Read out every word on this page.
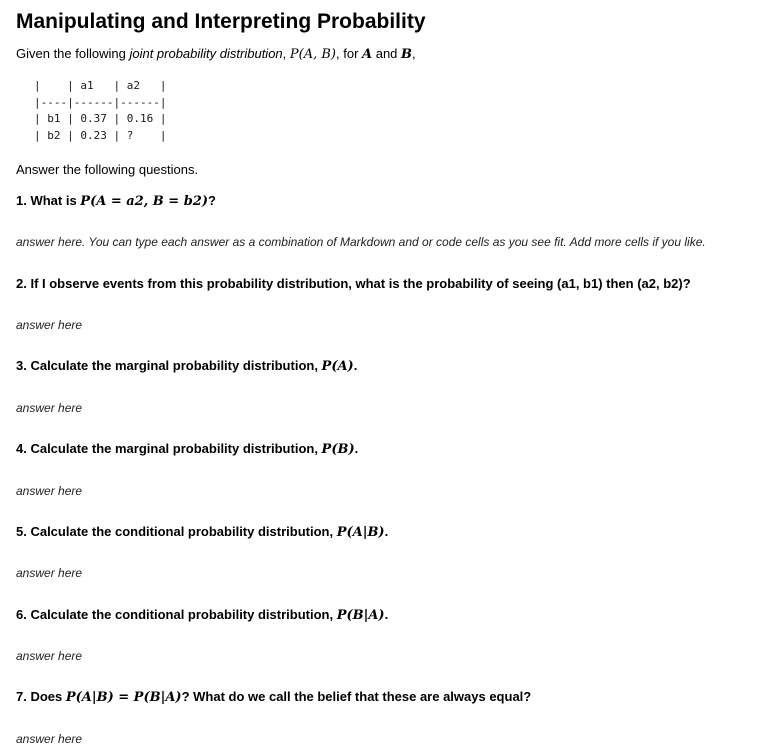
Manipulating and Interpreting Probability

Given the following joint probability distribution, P(A, B), for A and B,

|    | a1   | a2   |
|----|------|------|
| b1 | 0.37 | 0.16 |
| b2 | 0.23 | ?    |

Answer the following questions.

1. What is P(A = a2, B = b2)?

answer here. You can type each answer as a combination of Markdown and or code cells as you see fit. Add more cells if you like.

2. If I observe events from this probability distribution, what is the probability of seeing (a1, b1) then (a2, b2)?

answer here

3. Calculate the marginal probability distribution, P(A).

answer here

4. Calculate the marginal probability distribution, P(B).

answer here

5. Calculate the conditional probability distribution, P(A|B).

answer here

6. Calculate the conditional probability distribution, P(B|A).

answer here

7. Does P(A|B) = P(B|A)? What do we call the belief that these are always equal?

answer here
